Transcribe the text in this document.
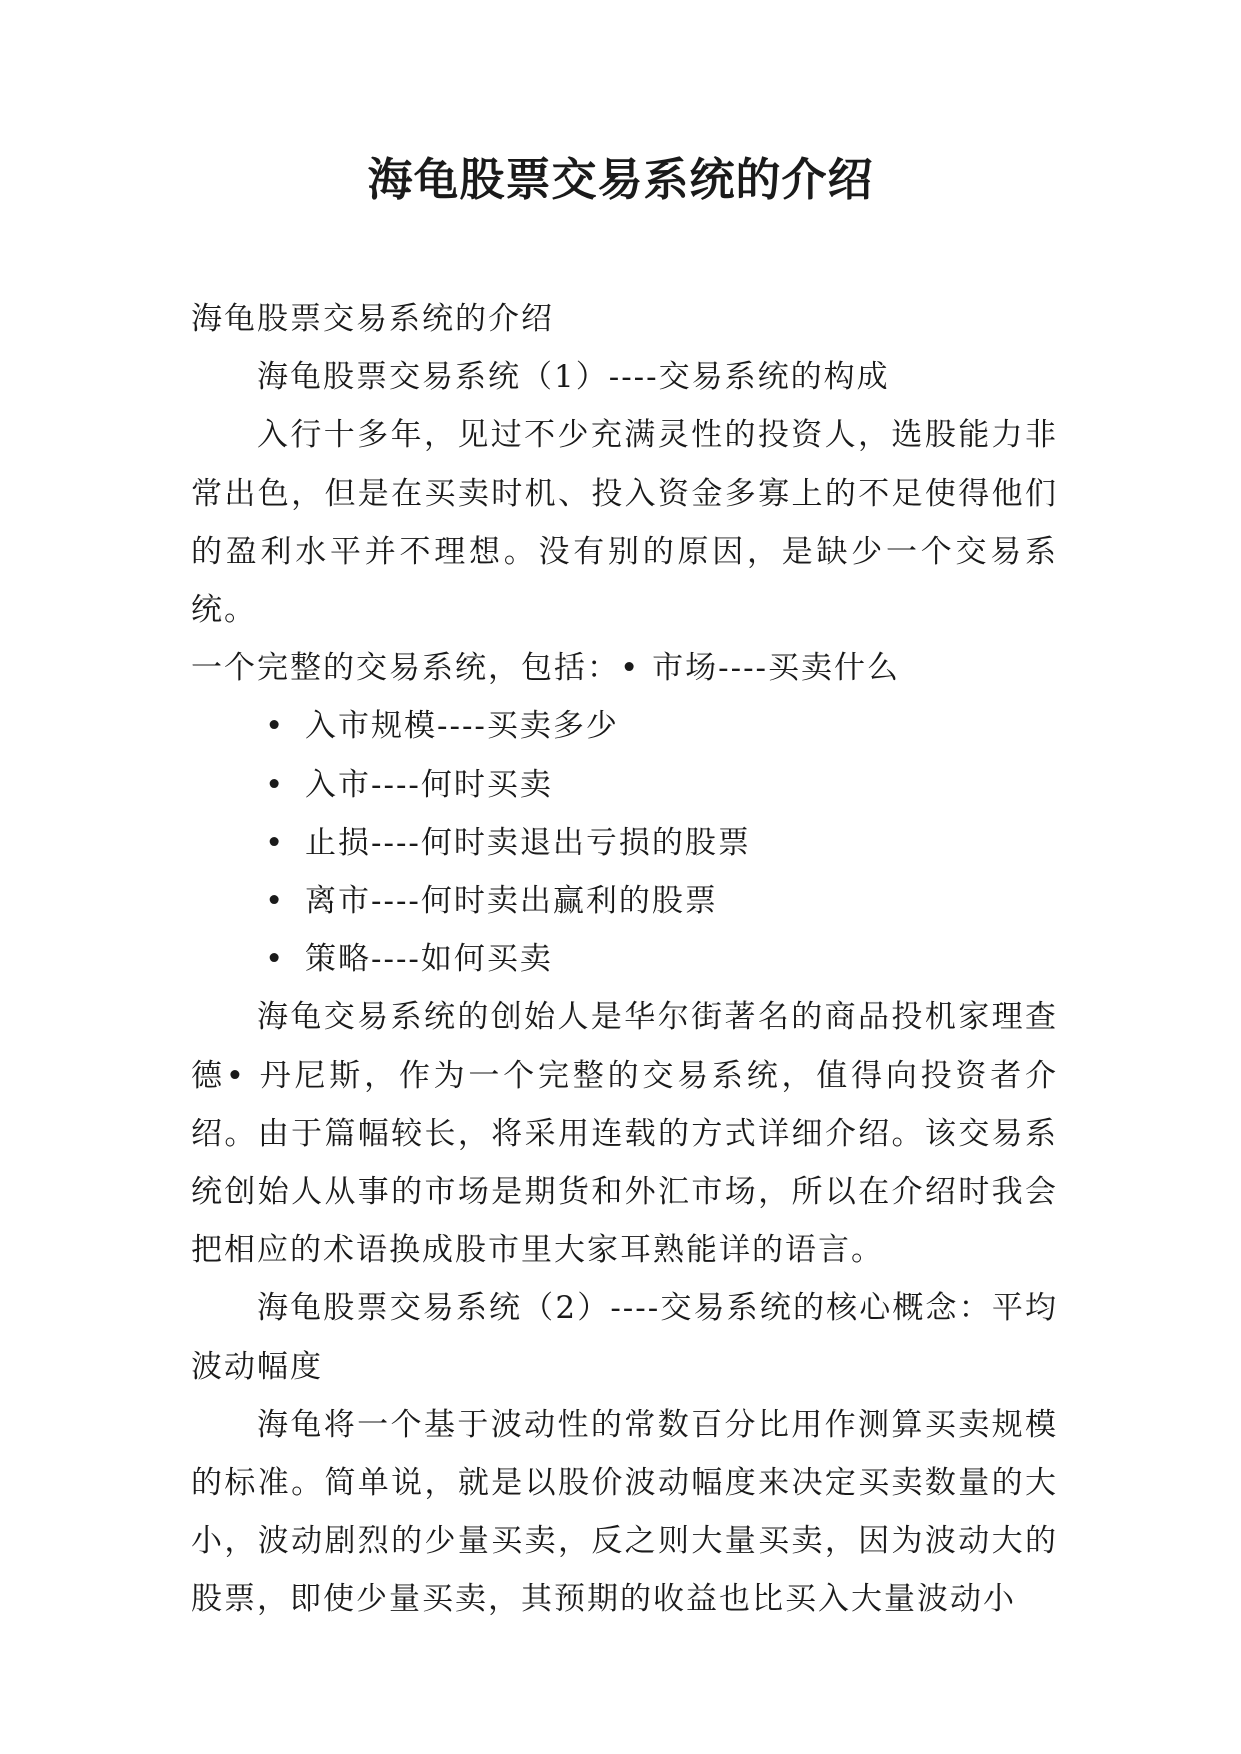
海龟股票交易系统的介绍

海龟股票交易系统的介绍

海龟股票交易系统（1）----交易系统的构成

入行十多年，见过不少充满灵性的投资人，选股能力非常出色，但是在买卖时机、投入资金多寡上的不足使得他们的盈利水平并不理想。没有别的原因，是缺少一个交易系统。

一个完整的交易系统，包括：• 市场----买卖什么

• 入市规模----买卖多少
• 入市----何时买卖
• 止损----何时卖退出亏损的股票
• 离市----何时卖出赢利的股票
• 策略----如何买卖

海龟交易系统的创始人是华尔街著名的商品投机家理查德• 丹尼斯，作为一个完整的交易系统，值得向投资者介绍。由于篇幅较长，将采用连载的方式详细介绍。该交易系统创始人从事的市场是期货和外汇市场，所以在介绍时我会把相应的术语换成股市里大家耳熟能详的语言。

海龟股票交易系统（2）----交易系统的核心概念：平均波动幅度

海龟将一个基于波动性的常数百分比用作测算买卖规模的标准。简单说，就是以股价波动幅度来决定买卖数量的大小，波动剧烈的少量买卖，反之则大量买卖，因为波动大的股票，即使少量买卖，其预期的收益也比买入大量波动小
